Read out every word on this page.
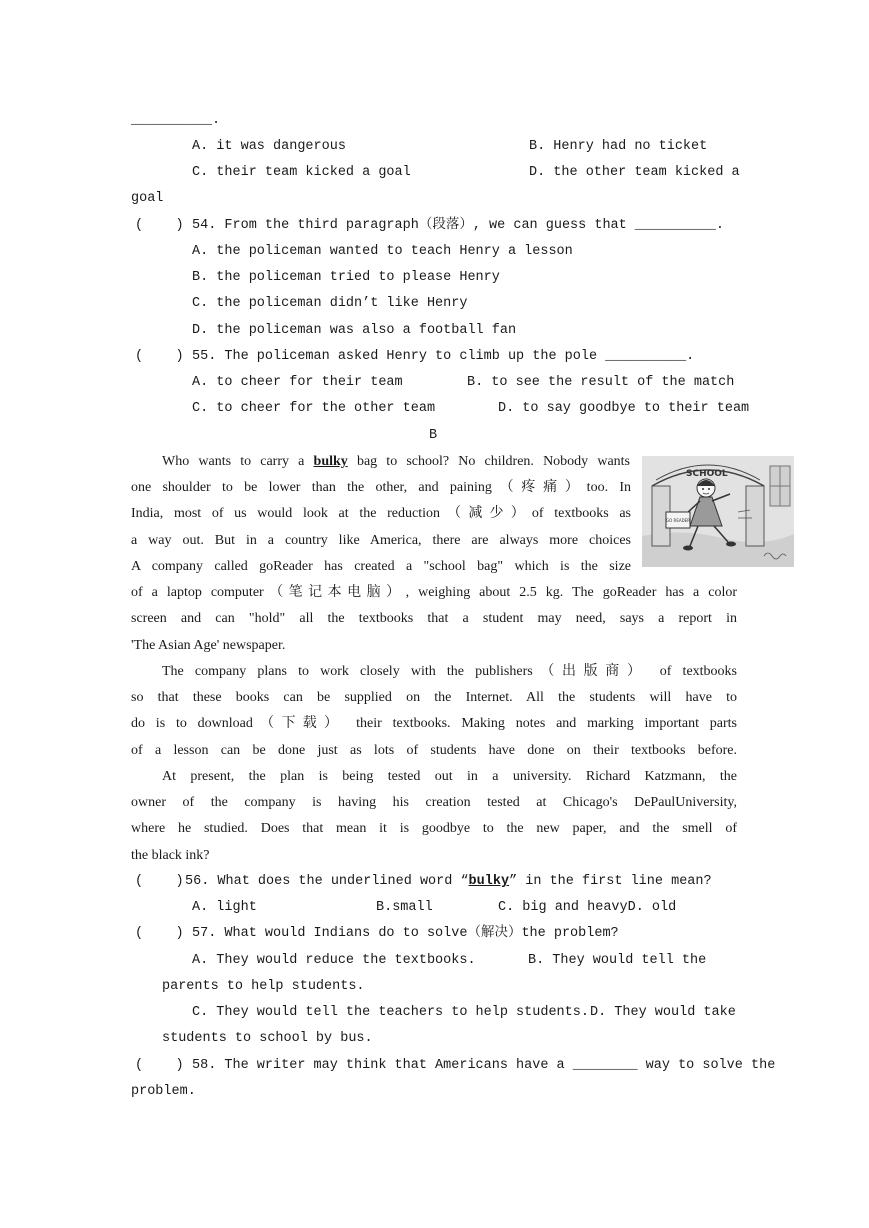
__________.
A. it was dangerous	B. Henry had no ticket
C. their team kicked a goal	D. the other team kicked a
goal
(    ) 54. From the third paragraph（段落）, we can guess that __________.
A. the policeman wanted to teach Henry a lesson
B. the policeman tried to please Henry
C. the policeman didn’t like Henry
D. the policeman was also a football fan
(    ) 55. The policeman asked Henry to climb up the pole __________.
A. to cheer for their team	B. to see the result of the match
C. to cheer for the other team	D. to say goodbye to their team
B
Who wants to carry a bulky bag to school? No children. Nobody wants
one shoulder to be lower than the other, and paining（疼痛）too. In
India, most of us would look at the reduction（减少）of textbooks as
a way out. But in a country like America, there are always more choices
A company called goReader has created a "school bag" which is the size
of a laptop computer（笔记本电脑）, weighing about 2.5 kg. The goReader has a color
screen and can "hold" all the textbooks that a student may need, says a report in
'The Asian Age' newspaper.
The company plans to work closely with the publishers（出版商） of textbooks
so that these books can be supplied on the Internet. All the students will have to
do is to download（下载） their textbooks. Making notes and marking important parts
of a lesson can be done just as lots of students have done on their textbooks before.
At present, the plan is being tested out in a university. Richard Katzmann, the
owner of the company is having his creation tested at Chicago's DePaulUniversity,
where he studied. Does that mean it is goodbye to the new paper, and the smell of
the black ink?
(    ) 56. What does the underlined word “bulky” in the first line mean?
A. light	B.small	C. big and heavyD. old
(    ) 57. What would Indians do to solve（解决）the problem?
A. They would reduce the textbooks.	B. They would tell the
parents to help students.
C. They would tell the teachers to help students. D. They would take
students to school by bus.
(    ) 58. The writer may think that Americans have a ________ way to solve the
problem.
SCHOOL
GO READER
